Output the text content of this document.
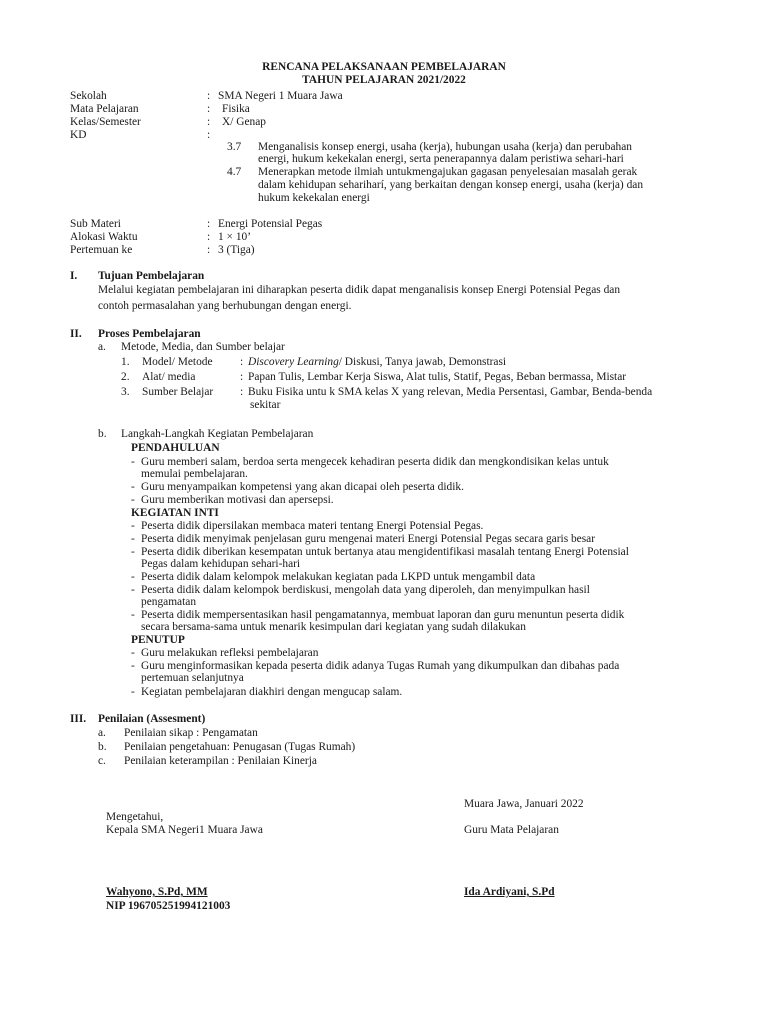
RENCANA PELAKSANAAN PEMBELAJARAN
TAHUN PELAJARAN 2021/2022
Sekolah	: SMA Negeri 1 Muara Jawa
Mata Pelajaran	: Fisika
Kelas/Semester	: X/ Genap
KD	:
3.7 Menganalisis konsep energi, usaha (kerja), hubungan usaha (kerja) dan perubahan
energi, hukum kekekalan energi, serta penerapannya dalam peristiwa sehari-hari
4.7 Menerapkan metode ilmiah untukmengajukan gagasan penyelesaian masalah gerak
dalam kehidupan sehariharí, yang berkaitan dengan konsep energi, usaha (kerja) dan
hukum kekekalan energi
Sub Materi	: Energi Potensial Pegas
Alokasi Waktu	: 1 × 10’
Pertemuan ke	: 3 (Tiga)
I. Tujuan Pembelajaran
Melalui kegiatan pembelajaran ini diharapkan peserta didik dapat menganalisis konsep Energi Potensial Pegas dan
contoh permasalahan yang berhubungan dengan energi.
II. Proses Pembelajaran
a. Metode, Media, dan Sumber belajar
1. Model/ Metode : Discovery Learning/ Diskusi, Tanya jawab, Demonstrasi
2. Alat/ media	: Papan Tulis, Lembar Kerja Siswa, Alat tulis, Statif, Pegas, Beban bermassa, Mistar
3. Sumber Belajar : Buku Fisika untu k SMA kelas X yang relevan, Media Persentasi, Gambar, Benda-benda
sekitar
b. Langkah-Langkah Kegiatan Pembelajaran
PENDAHULUAN
- Guru memberi salam, berdoa serta mengecek kehadiran peserta didik dan mengkondisikan kelas untuk
memulai pembelajaran.
- Guru menyampaikan kompetensi yang akan dicapai oleh peserta didik.
- Guru memberikan motivasi dan apersepsi.
KEGIATAN INTI
- Peserta didik dipersilakan membaca materi tentang Energi Potensial Pegas.
- Peserta didik menyimak penjelasan guru mengenai materi Energi Potensial Pegas secara garis besar
- Peserta didik diberikan kesempatan untuk bertanya atau mengidentifikasi masalah tentang Energi Potensial
Pegas dalam kehidupan sehari-hari
- Peserta didik dalam kelompok melakukan kegiatan pada LKPD untuk mengambil data
- Peserta didik dalam kelompok berdiskusi, mengolah data yang diperoleh, dan menyimpulkan hasil
pengamatan
- Peserta didik mempersentasikan hasil pengamatannya, membuat laporan dan guru menuntun peserta didik
secara bersama-sama untuk menarik kesimpulan dari kegiatan yang sudah dilakukan
PENUTUP
- Guru melakukan refleksi pembelajaran
- Guru menginformasikan kepada peserta didik adanya Tugas Rumah yang dikumpulkan dan dibahas pada
pertemuan selanjutnya
- Kegiatan pembelajaran diakhiri dengan mengucap salam.
III. Penilaian (Assesment)
a. Penilaian sikap : Pengamatan
b. Penilaian pengetahuan: Penugasan (Tugas Rumah)
c. Penilaian keterampilan : Penilaian Kinerja
Muara Jawa, Januari 2022
Mengetahui,
Kepala SMA Negeri1 Muara Jawa	Guru Mata Pelajaran
Wahyono, S.Pd, MM
NIP 196705251994121003
Ida Ardiyani, S.Pd
